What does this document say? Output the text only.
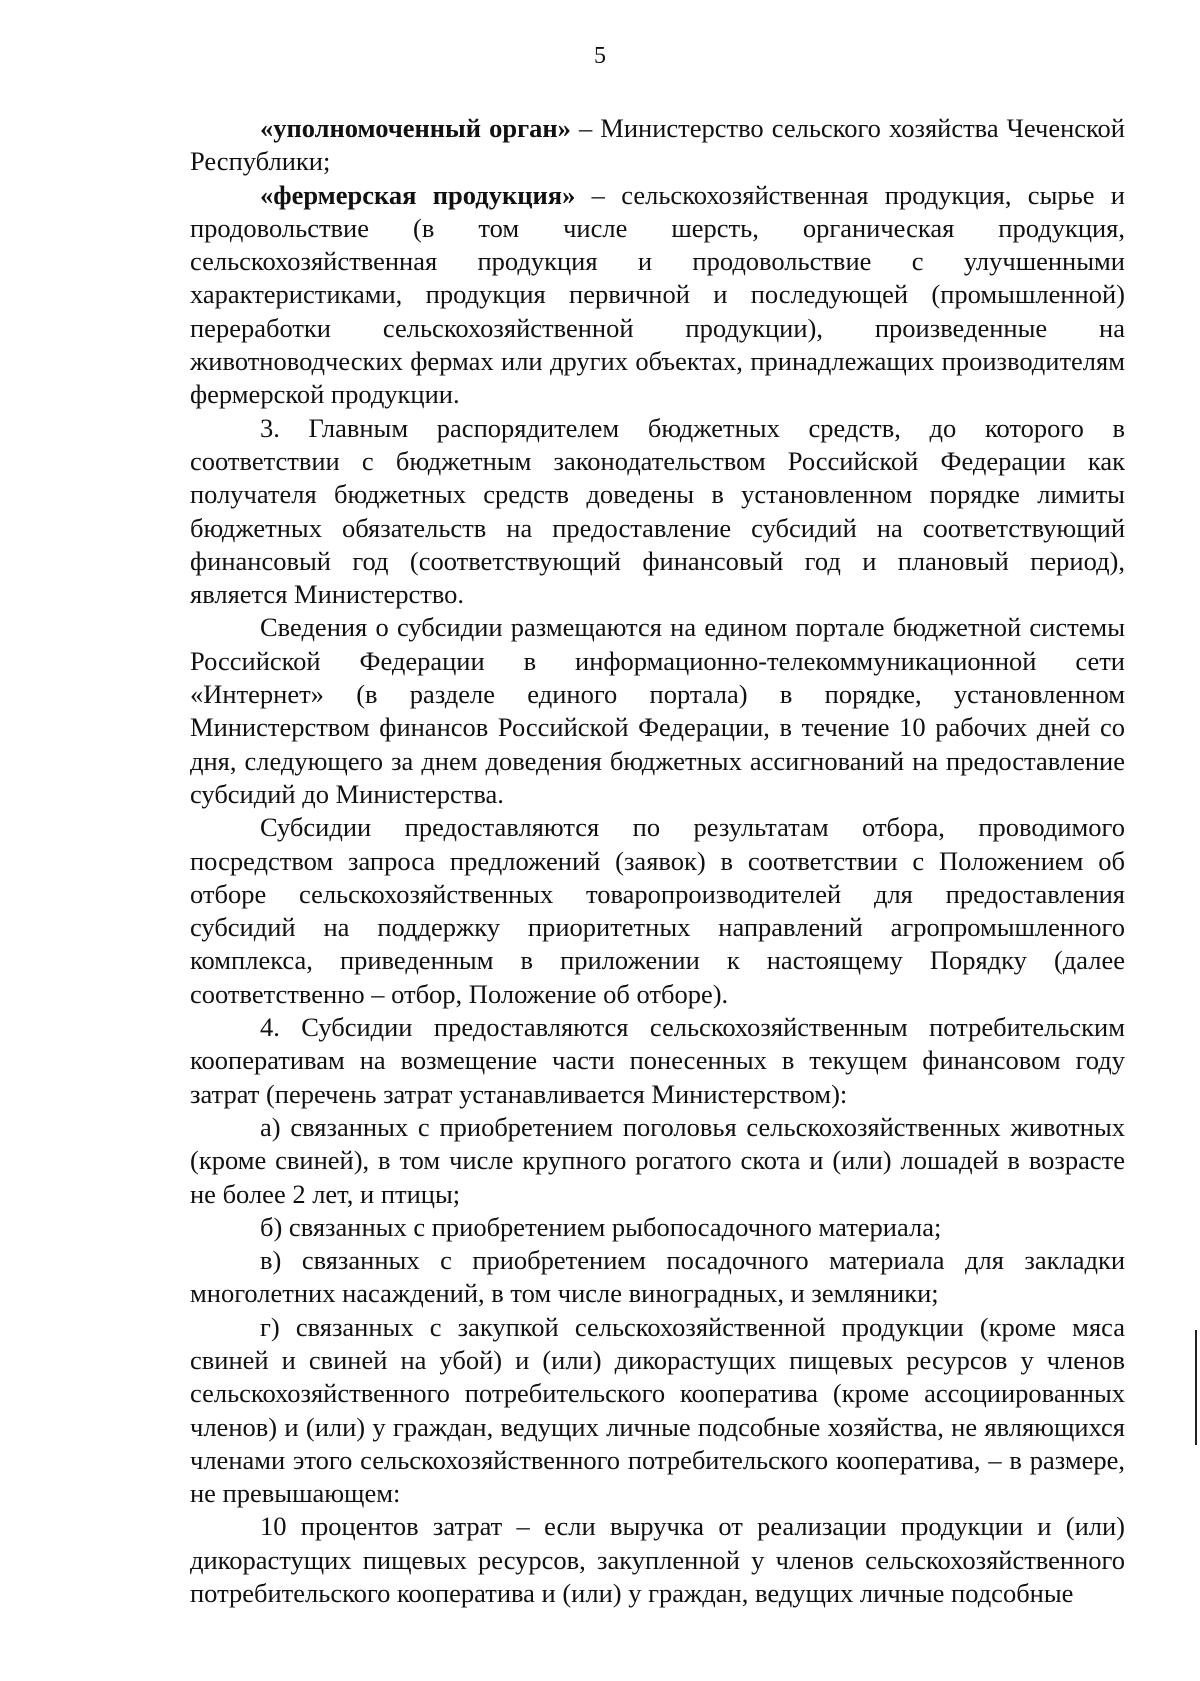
5

«уполномоченный орган» – Министерство сельского хозяйства Чеченской Республики;

«фермерская продукция» – сельскохозяйственная продукция, сырье и продовольствие (в том числе шерсть, органическая продукция, сельскохозяйственная продукция и продовольствие с улучшенными характеристиками, продукция первичной и последующей (промышленной) переработки сельскохозяйственной продукции), произведенные на животноводческих фермах или других объектах, принадлежащих производителям фермерской продукции.

3. Главным распорядителем бюджетных средств, до которого в соответствии с бюджетным законодательством Российской Федерации как получателя бюджетных средств доведены в установленном порядке лимиты бюджетных обязательств на предоставление субсидий на соответствующий финансовый год (соответствующий финансовый год и плановый период), является Министерство.

Сведения о субсидии размещаются на едином портале бюджетной системы Российской Федерации в информационно-телекоммуникационной сети «Интернет» (в разделе единого портала) в порядке, установленном Министерством финансов Российской Федерации, в течение 10 рабочих дней со дня, следующего за днем доведения бюджетных ассигнований на предоставление субсидий до Министерства.

Субсидии предоставляются по результатам отбора, проводимого посредством запроса предложений (заявок) в соответствии с Положением об отборе сельскохозяйственных товаропроизводителей для предоставления субсидий на поддержку приоритетных направлений агропромышленного комплекса, приведенным в приложении к настоящему Порядку (далее соответственно – отбор, Положение об отборе).

4. Субсидии предоставляются сельскохозяйственным потребительским кооперативам на возмещение части понесенных в текущем финансовом году затрат (перечень затрат устанавливается Министерством):

а) связанных с приобретением поголовья сельскохозяйственных животных (кроме свиней), в том числе крупного рогатого скота и (или) лошадей в возрасте не более 2 лет, и птицы;

б) связанных с приобретением рыбопосадочного материала;

в) связанных с приобретением посадочного материала для закладки многолетних насаждений, в том числе виноградных, и земляники;

г) связанных с закупкой сельскохозяйственной продукции (кроме мяса свиней и свиней на убой) и (или) дикорастущих пищевых ресурсов у членов сельскохозяйственного потребительского кооператива (кроме ассоциированных членов) и (или) у граждан, ведущих личные подсобные хозяйства, не являющихся членами этого сельскохозяйственного потребительского кооператива, – в размере, не превышающем:

10 процентов затрат – если выручка от реализации продукции и (или) дикорастущих пищевых ресурсов, закупленной у членов сельскохозяйственного потребительского кооператива и (или) у граждан, ведущих личные подсобные
